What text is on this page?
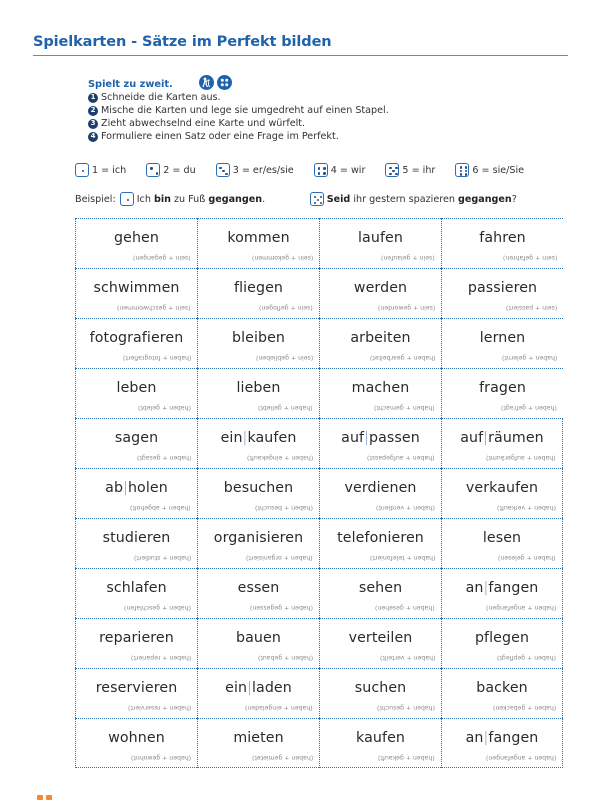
Spielkarten - Sätze im Perfekt bilden
Spielt zu zweit.
1 Schneide die Karten aus.
2 Mische die Karten und lege sie umgedreht auf einen Stapel.
3 Zieht abwechselnd eine Karte und würfelt.
4 Formuliere einen Satz oder eine Frage im Perfekt.
1 = ich	2 = du	3 = er/es/sie	4 = wir	5 = ihr	6 = sie/Sie
Beispiel: Ich bin zu Fuß gegangen.	Seid ihr gestern spazieren gegangen?
gehen
(sein + gegangen)
kommen
(sein + gekommen)
laufen
(sein + gelaufen)
fahren
(sein + gefahren)
schwimmen
(sein + geschwommen)
fliegen
(sein + geflogen)
werden
(sein + geworden)
passieren
(sein + passiert)
fotografieren
(haben + fotografiert)
bleiben
(sein + geblieben)
arbeiten
(haben + gearbeitet)
lernen
(haben + gelernt)
leben
(haben + gelebt)
lieben
(haben + geliebt)
machen
(haben + gemacht)
fragen
(haben + gefragt)
sagen
(haben + gesagt)
ein|kaufen
(haben + eingekauft)
auf|passen
(haben + aufgepasst)
auf|räumen
(haben + aufgeräumt)
ab|holen
(haben + abgeholt)
besuchen
(haben + besucht)
verdienen
(haben + verdient)
verkaufen
(haben + verkauft)
studieren
(haben + studiert)
organisieren
(haben + organisiert)
telefonieren
(haben + telefoniert)
lesen
(haben + gelesen)
schlafen
(haben + geschlafen)
essen
(haben + gegessen)
sehen
(haben + gesehen)
an|fangen
(haben + angefangen)
reparieren
(haben + repariert)
bauen
(haben + gebaut)
verteilen
(haben + verteilt)
pflegen
(haben + gepflegt)
reservieren
(haben + reserviert)
ein|laden
(haben + eingeladen)
suchen
(haben + gesucht)
backen
(haben + gebacken)
wohnen
(haben + gewohnt)
mieten
(haben + gemietet)
kaufen
(haben + gekauft)
an|fangen
(haben + angefangen)
